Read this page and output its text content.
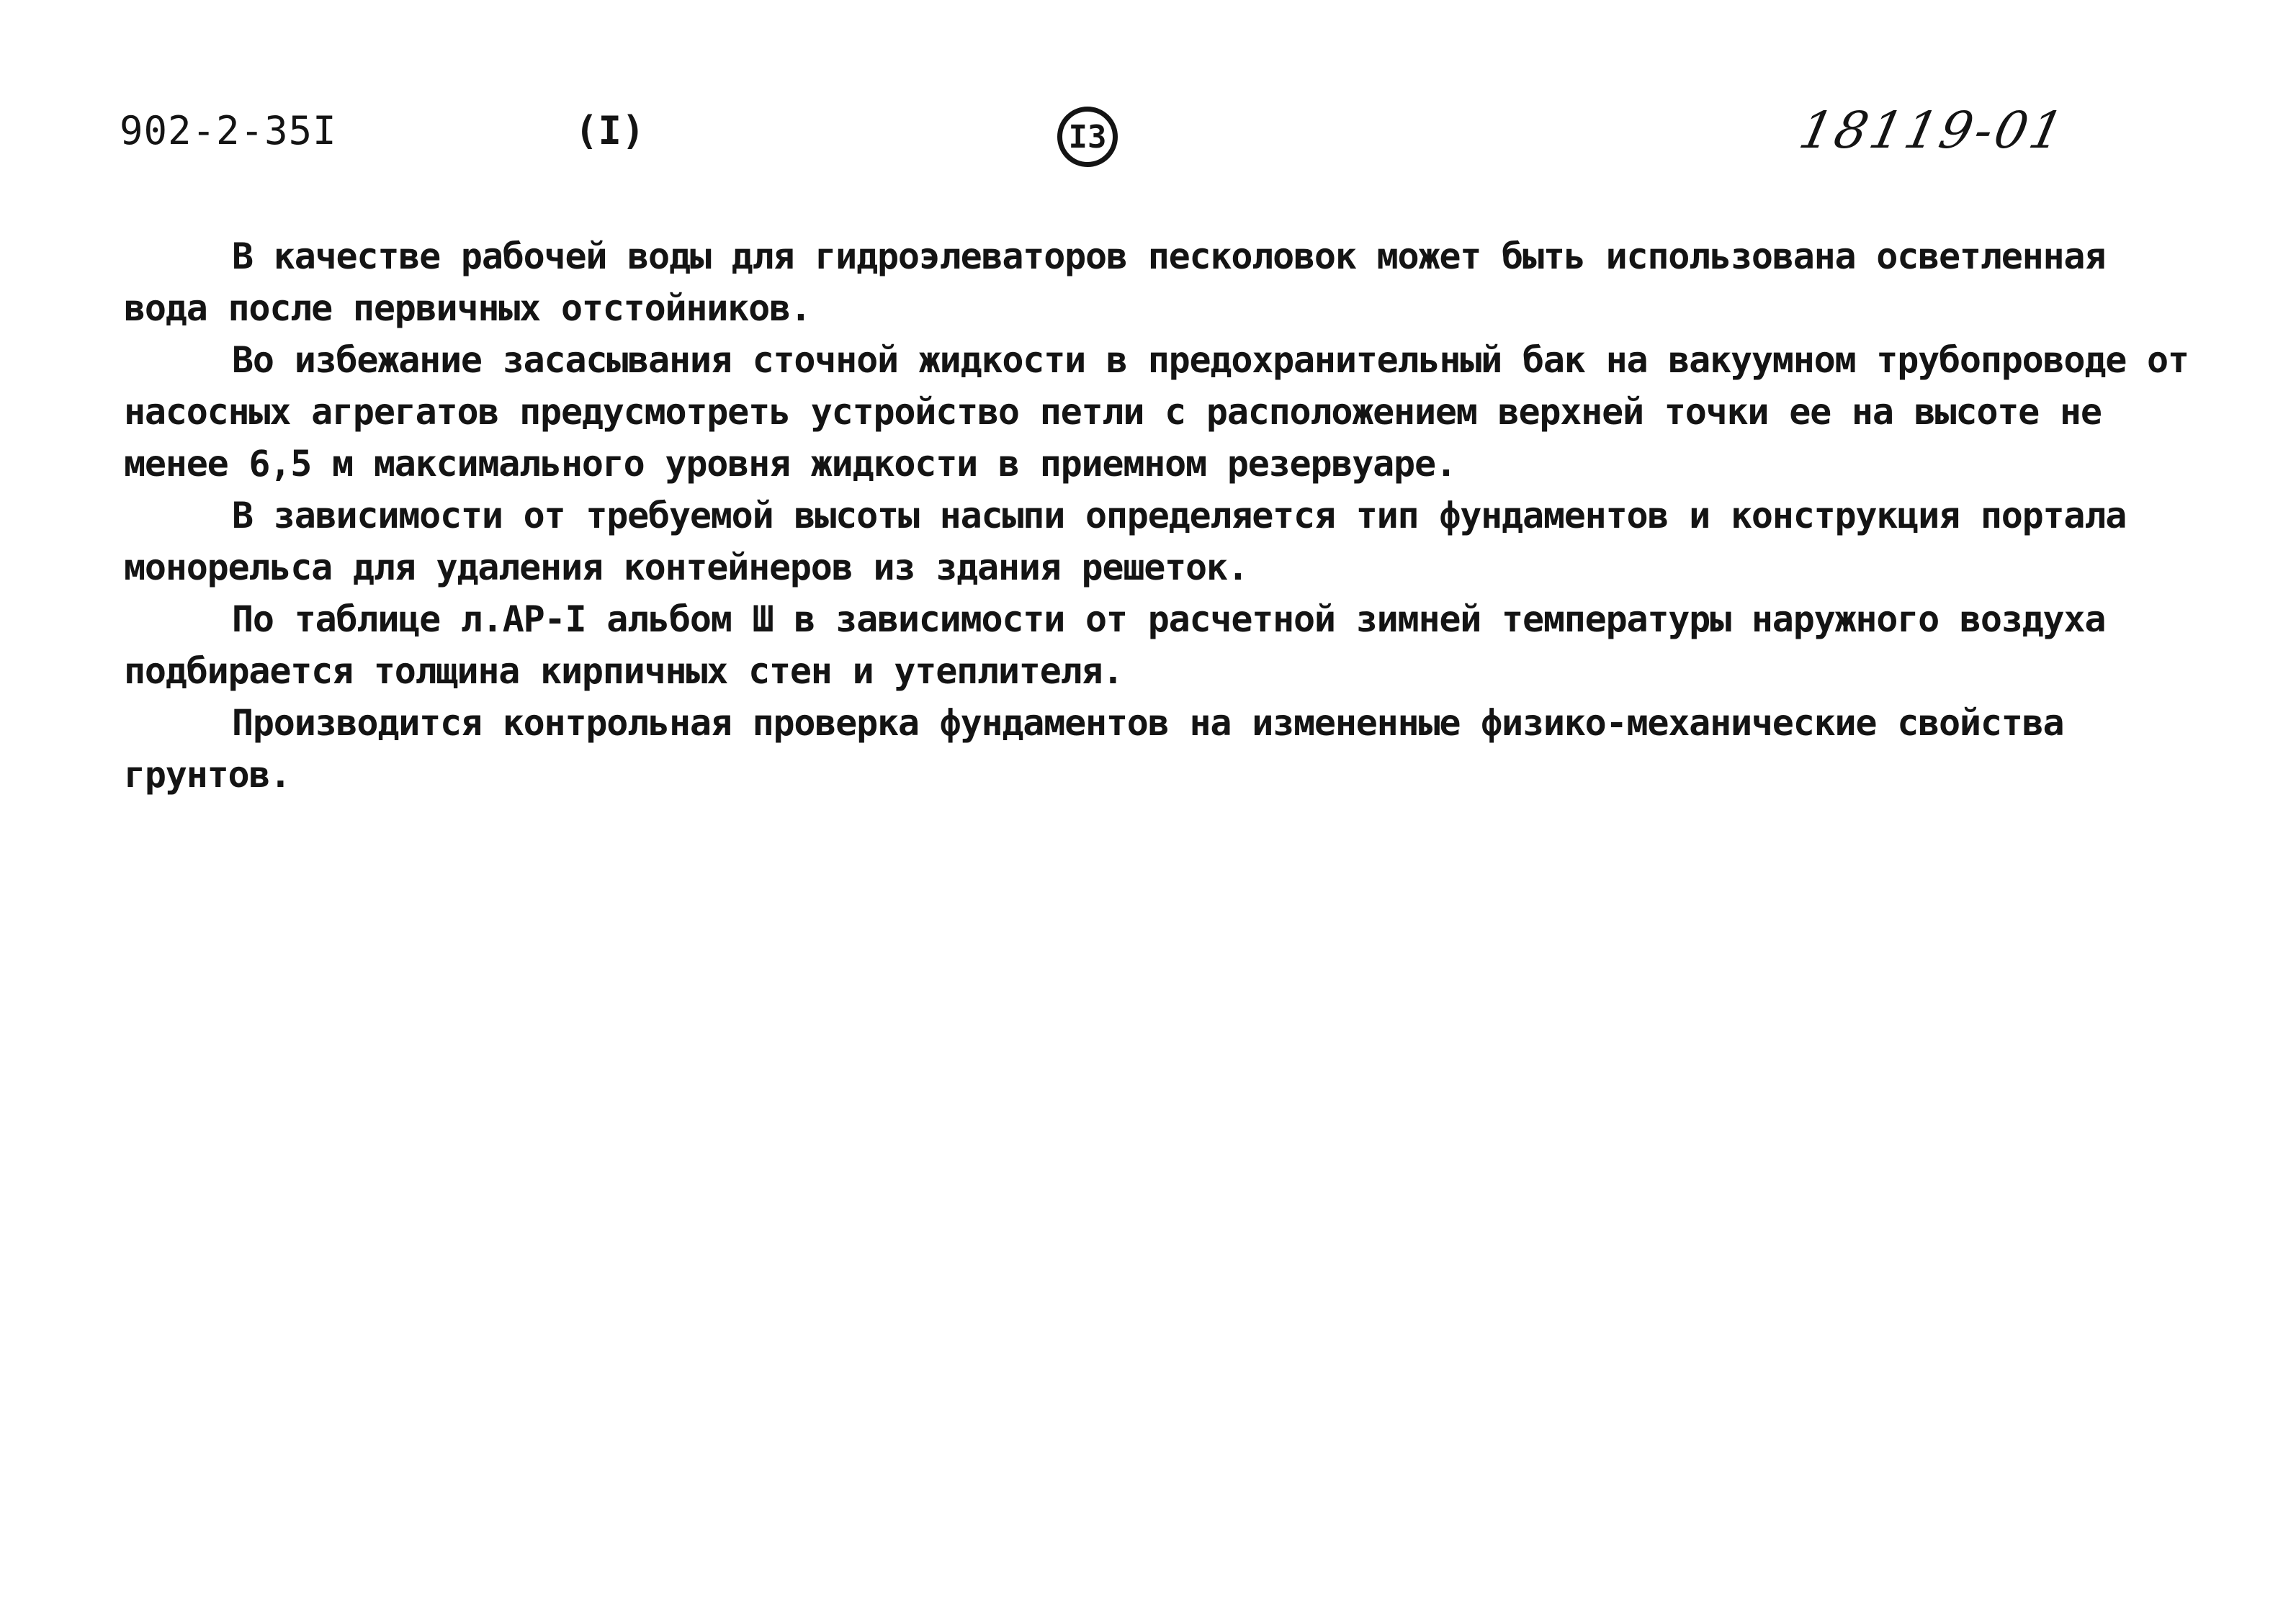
902-2-35I	(I)	I3	18119-01

В качестве рабочей воды для гидроэлеваторов песколовок может быть использована осветленная вода после первичных отстойников.

Во избежание засасывания сточной жидкости в предохранительный бак на вакуумном трубопроводе от насосных агрегатов предусмотреть устройство петли с расположением верхней точки ее на высоте не менее 6,5 м максимального уровня жидкости в приемном резервуаре.

В зависимости от требуемой высоты насыпи определяется тип фундаментов и конструкция портала монорельса для удаления контейнеров из здания решеток.

По таблице л.АР-I альбом Ш в зависимости от расчетной зимней температуры наружного воздуха подбирается толщина кирпичных стен и утеплителя.

Производится контрольная проверка фундаментов на измененные физико-механические свойства грунтов.
